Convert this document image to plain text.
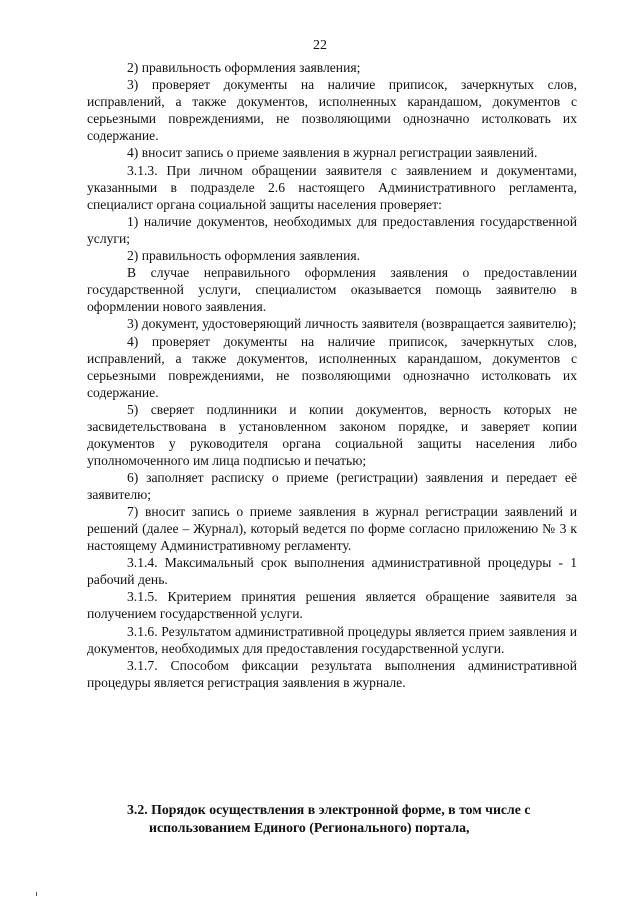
22

2) правильность оформления заявления;

3) проверяет документы на наличие приписок, зачеркнутых слов, исправлений, а также документов, исполненных карандашом, документов с серьезными повреждениями, не позволяющими однозначно истолковать их содержание.

4) вносит запись о приеме заявления в журнал регистрации заявлений.

3.1.3. При личном обращении заявителя с заявлением и документами, указанными в подразделе 2.6 настоящего Административного регламента, специалист органа социальной защиты населения проверяет:

1) наличие документов, необходимых для предоставления государственной услуги;

2) правильность оформления заявления.

В случае неправильного оформления заявления о предоставлении государственной услуги, специалистом оказывается помощь заявителю в оформлении нового заявления.

3) документ, удостоверяющий личность заявителя (возвращается заявителю);

4) проверяет документы на наличие приписок, зачеркнутых слов, исправлений, а также документов, исполненных карандашом, документов с серьезными повреждениями, не позволяющими однозначно истолковать их содержание.

5) сверяет подлинники и копии документов, верность которых не засвидетельствована в установленном законом порядке, и заверяет копии документов у руководителя органа социальной защиты населения либо уполномоченного им лица подписью и печатью;

6) заполняет расписку о приеме (регистрации) заявления и передает её заявителю;

7) вносит запись о приеме заявления в журнал регистрации заявлений и решений (далее – Журнал), который ведется по форме согласно приложению № 3 к настоящему Административному регламенту.

3.1.4. Максимальный срок выполнения административной процедуры - 1 рабочий день.

3.1.5. Критерием принятия решения является обращение заявителя за получением государственной услуги.

3.1.6. Результатом административной процедуры является прием заявления и документов, необходимых для предоставления государственной услуги.

3.1.7. Способом фиксации результата выполнения административной процедуры является регистрация заявления в журнале.

3.2. Порядок осуществления в электронной форме, в том числе с
использованием Единого (Регионального) портала,
